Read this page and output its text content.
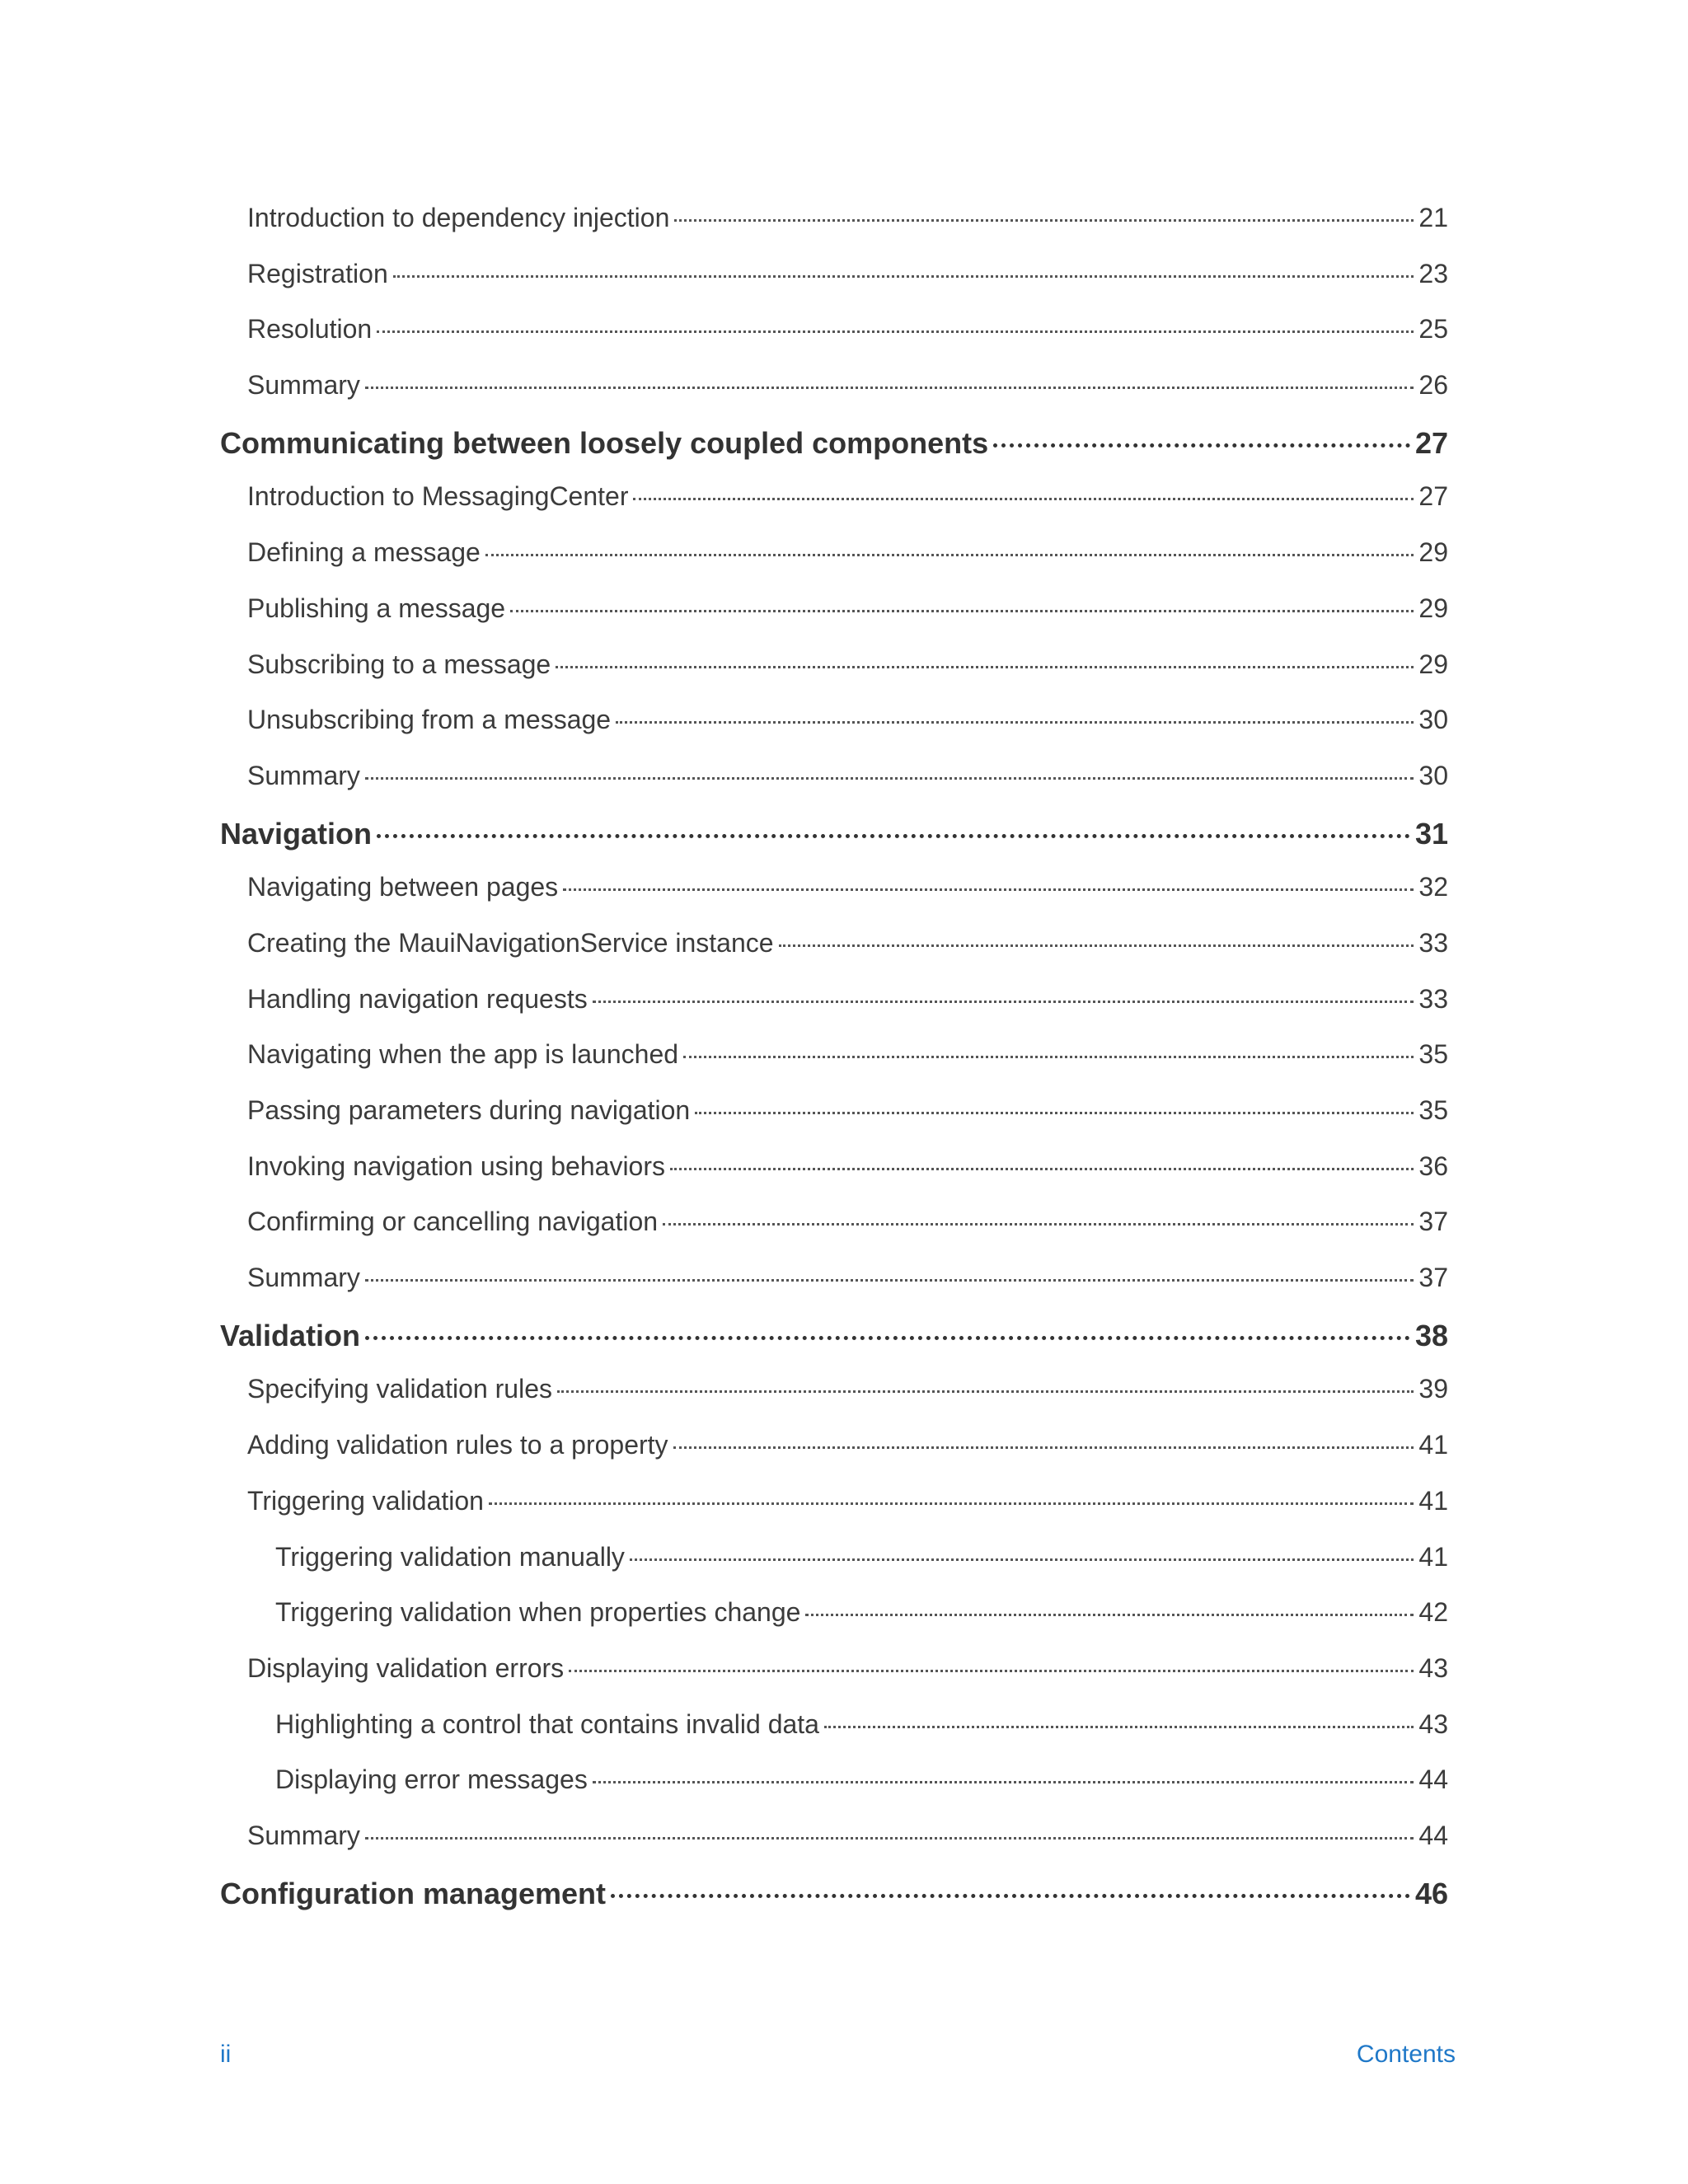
Introduction to dependency injection	21
Registration	23
Resolution	25
Summary	26
Communicating between loosely coupled components	27
Introduction to MessagingCenter	27
Defining a message	29
Publishing a message	29
Subscribing to a message	29
Unsubscribing from a message	30
Summary	30
Navigation	31
Navigating between pages	32
Creating the MauiNavigationService instance	33
Handling navigation requests	33
Navigating when the app is launched	35
Passing parameters during navigation	35
Invoking navigation using behaviors	36
Confirming or cancelling navigation	37
Summary	37
Validation	38
Specifying validation rules	39
Adding validation rules to a property	41
Triggering validation	41
Triggering validation manually	41
Triggering validation when properties change	42
Displaying validation errors	43
Highlighting a control that contains invalid data	43
Displaying error messages	44
Summary	44
Configuration management	46
ii	Contents
